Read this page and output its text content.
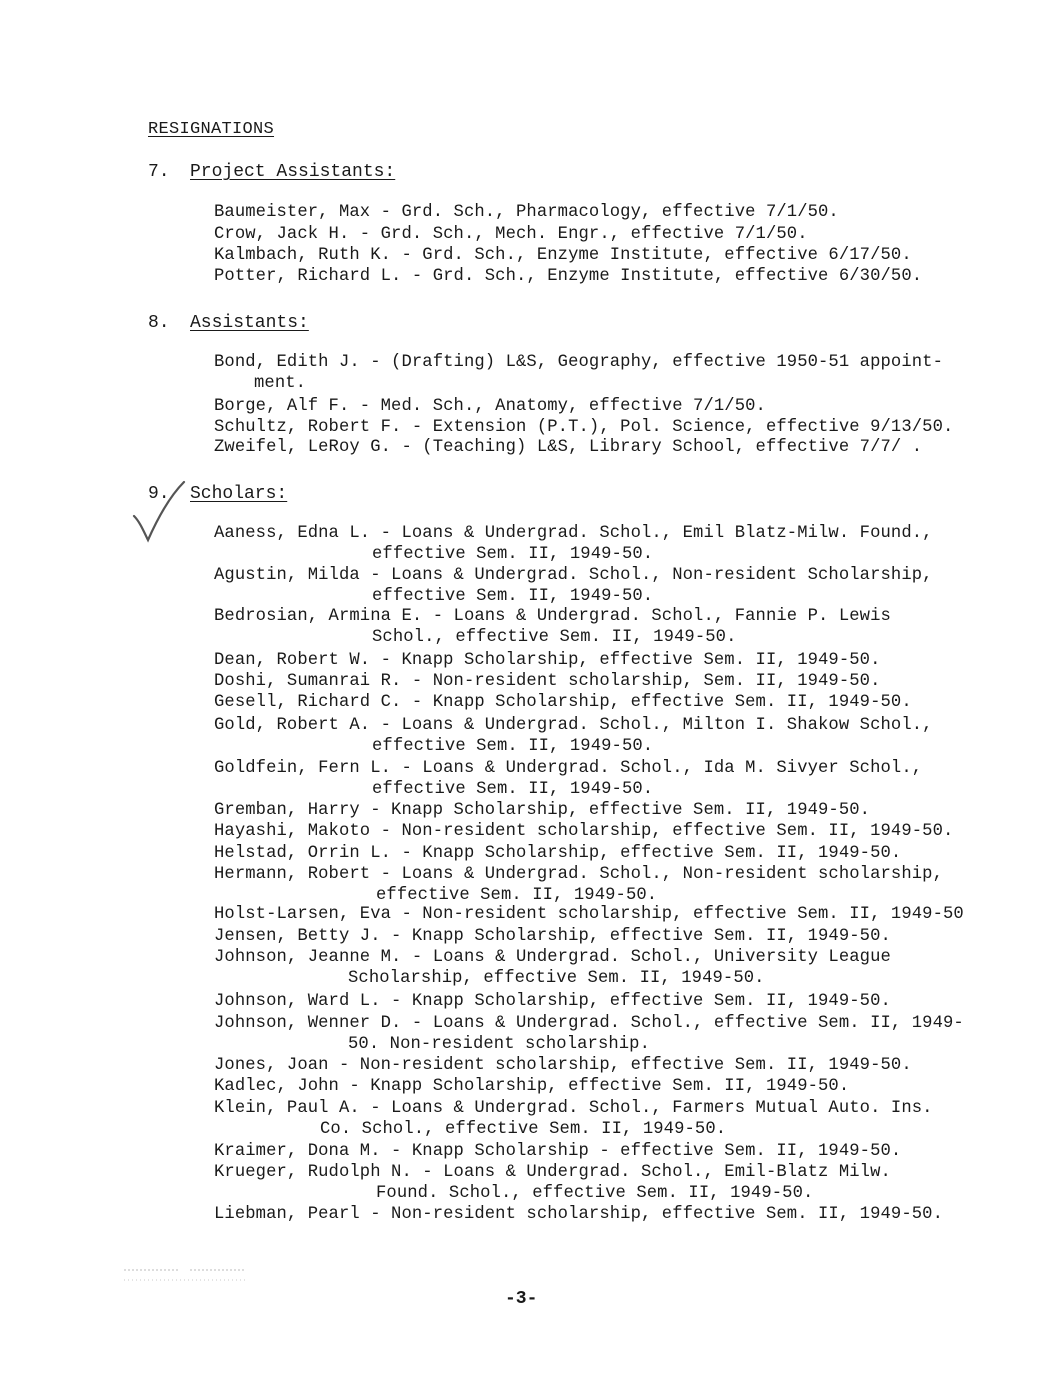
RESIGNATIONS
7. Project Assistants:
Baumeister, Max - Grd. Sch., Pharmacology, effective 7/1/50.
Crow, Jack H. - Grd. Sch., Mech. Engr., effective 7/1/50.
Kalmbach, Ruth K. - Grd. Sch., Enzyme Institute, effective 6/17/50.
Potter, Richard L. - Grd. Sch., Enzyme Institute, effective 6/30/50.
8. Assistants:
Bond, Edith J. - (Drafting) L&S, Geography, effective 1950-51 appoint-
ment.
Borge, Alf F. - Med. Sch., Anatomy, effective 7/1/50.
Schultz, Robert F. - Extension (P.T.), Pol. Science, effective 9/13/50.
Zweifel, LeRoy G. - (Teaching) L&S, Library School, effective 7/7/ .
9. Scholars:
Aaness, Edna L. - Loans & Undergrad. Schol., Emil Blatz-Milw. Found.,
effective Sem. II, 1949-50.
Agustin, Milda - Loans & Undergrad. Schol., Non-resident Scholarship,
effective Sem. II, 1949-50.
Bedrosian, Armina E. - Loans & Undergrad. Schol., Fannie P. Lewis
Schol., effective Sem. II, 1949-50.
Dean, Robert W. - Knapp Scholarship, effective Sem. II, 1949-50.
Doshi, Sumanrai R. - Non-resident scholarship, Sem. II, 1949-50.
Gesell, Richard C. - Knapp Scholarship, effective Sem. II, 1949-50.
Gold, Robert A. - Loans & Undergrad. Schol., Milton I. Shakow Schol.,
effective Sem. II, 1949-50.
Goldfein, Fern L. - Loans & Undergrad. Schol., Ida M. Sivyer Schol.,
effective Sem. II, 1949-50.
Gremban, Harry - Knapp Scholarship, effective Sem. II, 1949-50.
Hayashi, Makoto - Non-resident scholarship, effective Sem. II, 1949-50.
Helstad, Orrin L. - Knapp Scholarship, effective Sem. II, 1949-50.
Hermann, Robert - Loans & Undergrad. Schol., Non-resident scholarship,
effective Sem. II, 1949-50.
Holst-Larsen, Eva - Non-resident scholarship, effective Sem. II, 1949-50
Jensen, Betty J. - Knapp Scholarship, effective Sem. II, 1949-50.
Johnson, Jeanne M. - Loans & Undergrad. Schol., University League
Scholarship, effective Sem. II, 1949-50.
Johnson, Ward L. - Knapp Scholarship, effective Sem. II, 1949-50.
Johnson, Wenner D. - Loans & Undergrad. Schol., effective Sem. II, 1949-
50. Non-resident scholarship.
Jones, Joan - Non-resident scholarship, effective Sem. II, 1949-50.
Kadlec, John - Knapp Scholarship, effective Sem. II, 1949-50.
Klein, Paul A. - Loans & Undergrad. Schol., Farmers Mutual Auto. Ins.
Co. Schol., effective Sem. II, 1949-50.
Kraimer, Dona M. - Knapp Scholarship - effective Sem. II, 1949-50.
Krueger, Rudolph N. - Loans & Undergrad. Schol., Emil-Blatz Milw.
Found. Schol., effective Sem. II, 1949-50.
Liebman, Pearl - Non-resident scholarship, effective Sem. II, 1949-50.
-3-
